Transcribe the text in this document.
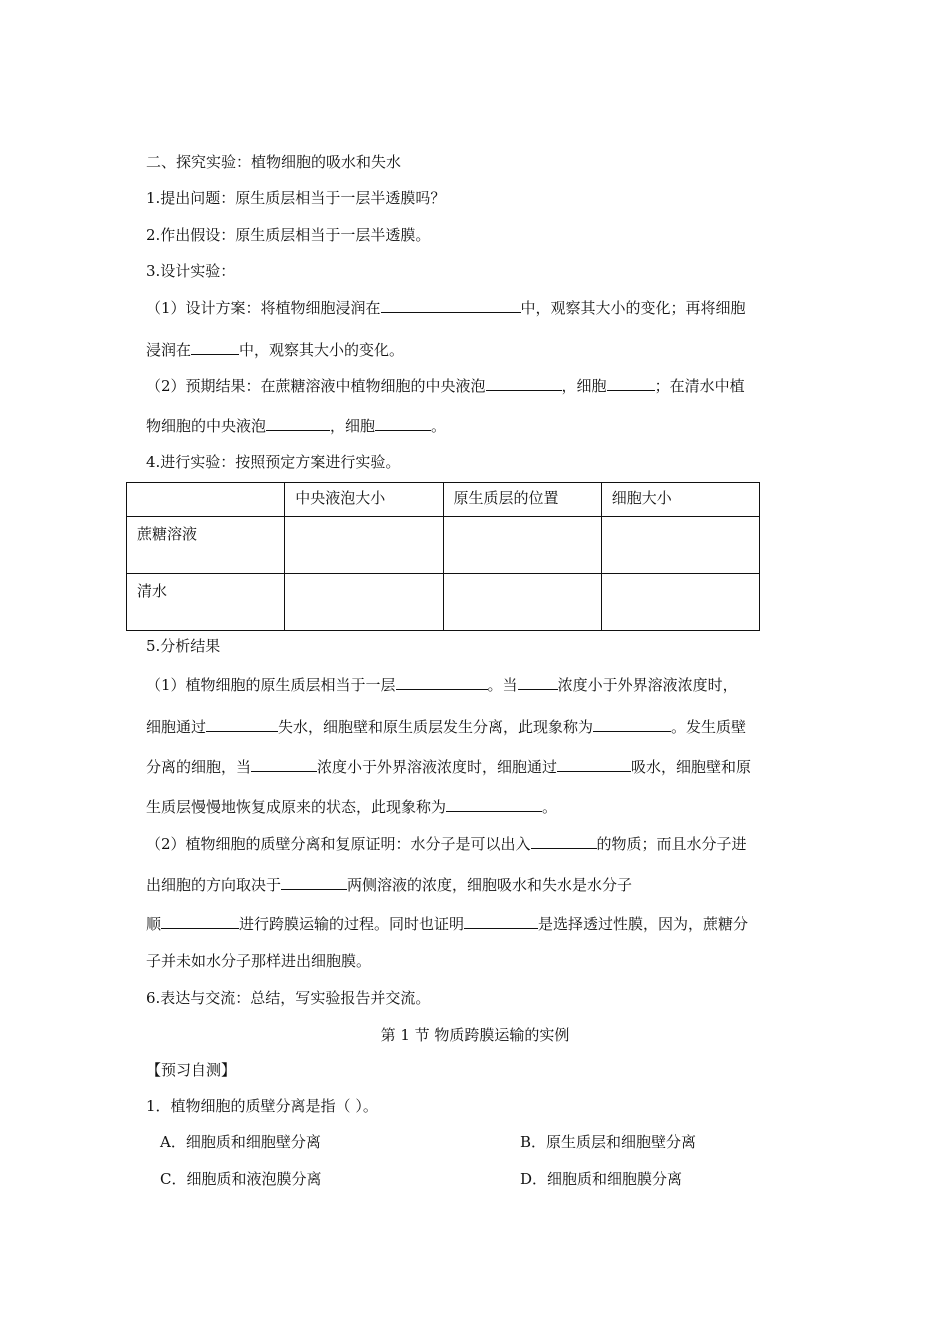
二、探究实验：植物细胞的吸水和失水
1.提出问题：原生质层相当于一层半透膜吗？
2.作出假设：原生质层相当于一层半透膜。
3.设计实验：
（1）设计方案：将植物细胞浸润在	中，观察其大小的变化；再将细胞
浸润在	中，观察其大小的变化。
（2）预期结果：在蔗糖溶液中植物细胞的中央液泡	，细胞	；在清水中植
物细胞的中央液泡	，细胞	。
4.进行实验：按照预定方案进行实验。
	中央液泡大小	原生质层的位置	细胞大小
蔗糖溶液			
清水			
5.分析结果
（1）植物细胞的原生质层相当于一层	。当	浓度小于外界溶液浓度时，
细胞通过	失水，细胞壁和原生质层发生分离，此现象称为	。发生质壁
分离的细胞，当	浓度小于外界溶液浓度时，细胞通过	吸水，细胞壁和原
生质层慢慢地恢复成原来的状态，此现象称为	。
（2）植物细胞的质壁分离和复原证明：水分子是可以出入	的物质；而且水分子进
出细胞的方向取决于	两侧溶液的浓度，细胞吸水和失水是水分子
顺	进行跨膜运输的过程。同时也证明	是选择透过性膜，因为，蔗糖分
子并未如水分子那样进出细胞膜。
6.表达与交流：总结，写实验报告并交流。
第 1 节 物质跨膜运输的实例
【预习自测】
1．植物细胞的质壁分离是指（ ）。
A．细胞质和细胞壁分离	B．原生质层和细胞壁分离
C．细胞质和液泡膜分离	D．细胞质和细胞膜分离
